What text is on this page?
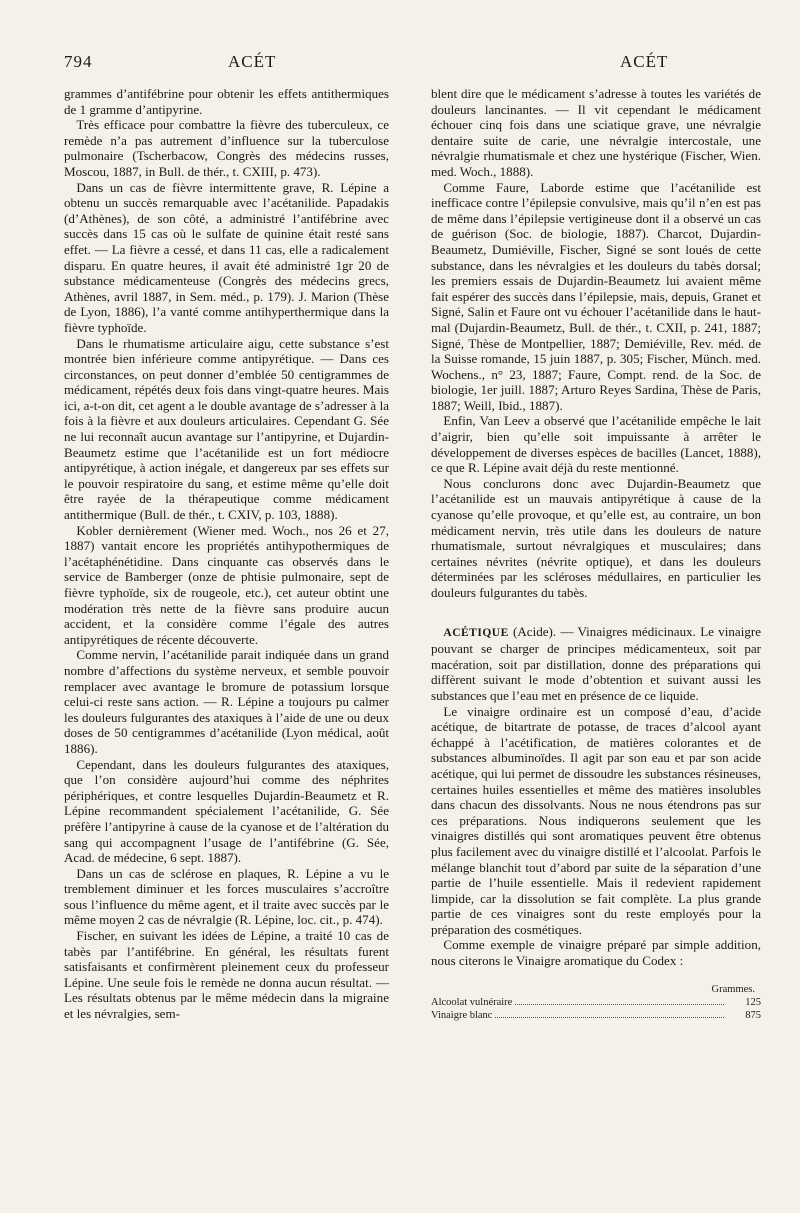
794	ACÉT	ACÉT

grammes d’antifébrine pour obtenir les effets antithermiques de 1 gramme d’antipyrine.

Très efficace pour combattre la fièvre des tuberculeux, ce remède n’a pas autrement d’influence sur la tuberculose pulmonaire (Tscherbacow, Congrès des médecins russes, Moscou, 1887, in Bull. de thér., t. CXIII, p. 473).

Dans un cas de fièvre intermittente grave, R. Lépine a obtenu un succès remarquable avec l’acétanilide. Papadakis (d’Athènes), de son côté, a administré l’antifébrine avec succès dans 15 cas où le sulfate de quinine était resté sans effet. — La fièvre a cessé, et dans 11 cas, elle a radicalement disparu. En quatre heures, il avait été administré 1gr 20 de substance médicamenteuse (Congrès des médecins grecs, Athènes, avril 1887, in Sem. méd., p. 179). J. Marion (Thèse de Lyon, 1886), l’a vanté comme antihyperthermique dans la fièvre typhoïde.

Dans le rhumatisme articulaire aigu, cette substance s’est montrée bien inférieure comme antipyrétique. — Dans ces circonstances, on peut donner d’emblée 50 centigrammes de médicament, répétés deux fois dans vingt-quatre heures. Mais ici, a-t-on dit, cet agent a le double avantage de s’adresser à la fois à la fièvre et aux douleurs articulaires. Cependant G. Sée ne lui reconnaît aucun avantage sur l’antipyrine, et Dujardin-Beaumetz estime que l’acétanilide est un fort médiocre antipyrétique, à action inégale, et dangereux par ses effets sur le pouvoir respiratoire du sang, et estime même qu’elle doit être rayée de la thérapeutique comme médicament antithermique (Bull. de thér., t. CXIV, p. 103, 1888).

Kobler dernièrement (Wiener med. Woch., nos 26 et 27, 1887) vantait encore les propriétés antihypothermiques de l’acétaphénétidine. Dans cinquante cas observés dans le service de Bamberger (onze de phtisie pulmonaire, sept de fièvre typhoïde, six de rougeole, etc.), cet auteur obtint une modération très nette de la fièvre sans produire aucun accident, et la considère comme l’égale des autres antipyrétiques de récente découverte.

Comme nervin, l’acétanilide parait indiquée dans un grand nombre d’affections du système nerveux, et semble pouvoir remplacer avec avantage le bromure de potassium lorsque celui-ci reste sans action. — R. Lépine a toujours pu calmer les douleurs fulgurantes des ataxiques à l’aide de une ou deux doses de 50 centigrammes d’acétanilide (Lyon médical, août 1886).

Cependant, dans les douleurs fulgurantes des ataxiques, que l’on considère aujourd’hui comme des néphrites périphériques, et contre lesquelles Dujardin-Beaumetz et R. Lépine recommandent spécialement l’acétanilide, G. Sée préfère l’antipyrine à cause de la cyanose et de l’altération du sang qui accompagnent l’usage de l’antifébrine (G. Sée, Acad. de médecine, 6 sept. 1887).

Dans un cas de sclérose en plaques, R. Lépine a vu le tremblement diminuer et les forces musculaires s’accroître sous l’influence du même agent, et il traite avec succès par le même moyen 2 cas de névralgie (R. Lépine, loc. cit., p. 474).

Fischer, en suivant les idées de Lépine, a traité 10 cas de tabès par l’antifébrine. En général, les résultats furent satisfaisants et confirmèrent pleinement ceux du professeur Lépine. Une seule fois le remède ne donna aucun résultat. — Les résultats obtenus par le même médecin dans la migraine et les névralgies, sem-

blent dire que le médicament s’adresse à toutes les variétés de douleurs lancinantes. — Il vit cependant le médicament échouer cinq fois dans une sciatique grave, une névralgie dentaire suite de carie, une névralgie intercostale, une névralgie rhumatismale et chez une hystérique (Fischer, Wien. med. Woch., 1888).

Comme Faure, Laborde estime que l’acétanilide est inefficace contre l’épilepsie convulsive, mais qu’il n’en est pas de même dans l’épilepsie vertigineuse dont il a observé un cas de guérison (Soc. de biologie, 1887). Charcot, Dujardin-Beaumetz, Dumiéville, Fischer, Signé se sont loués de cette substance, dans les névralgies et les douleurs du tabès dorsal; les premiers essais de Dujardin-Beaumetz lui avaient même fait espérer des succès dans l’épilepsie, mais, depuis, Granet et Signé, Salin et Faure ont vu échouer l’acétanilide dans le haut-mal (Dujardin-Beaumetz, Bull. de thér., t. CXII, p. 241, 1887; Signé, Thèse de Montpellier, 1887; Demiéville, Rev. méd. de la Suisse romande, 15 juin 1887, p. 305; Fischer, Münch. med. Wochens., n° 23, 1887; Faure, Compt. rend. de la Soc. de biologie, 1er juill. 1887; Arturo Reyes Sardina, Thèse de Paris, 1887; Weill, Ibid., 1887).

Enfin, Van Leev a observé que l’acétanilide empêche le lait d’aigrir, bien qu’elle soit impuissante à arrêter le développement de diverses espèces de bacilles (Lancet, 1888), ce que R. Lépine avait déjà du reste mentionné.

Nous conclurons donc avec Dujardin-Beaumetz que l’acétanilide est un mauvais antipyrétique à cause de la cyanose qu’elle provoque, et qu’elle est, au contraire, un bon médicament nervin, très utile dans les douleurs de nature rhumatismale, surtout névralgiques et musculaires; dans certaines névrites (névrite optique), et dans les douleurs déterminées par les scléroses médullaires, en particulier les douleurs fulgurantes du tabès.

ACÉTIQUE (Acide). — Vinaigres médicinaux. Le vinaigre pouvant se charger de principes médicamenteux, soit par macération, soit par distillation, donne des préparations qui diffèrent suivant le mode d’obtention et suivant aussi les substances que l’eau met en présence de ce liquide.

Le vinaigre ordinaire est un composé d’eau, d’acide acétique, de bitartrate de potasse, de traces d’alcool ayant échappé à l’acétification, de matières colorantes et de substances albuminoïdes. Il agit par son eau et par son acide acétique, qui lui permet de dissoudre les substances résineuses, certaines huiles essentielles et même des matières insolubles dans chacun des dissolvants. Nous ne nous étendrons pas sur ces préparations. Nous indiquerons seulement que les vinaigres distillés qui sont aromatiques peuvent être obtenus plus facilement avec du vinaigre distillé et l’alcoolat. Parfois le mélange blanchit tout d’abord par suite de la séparation d’une partie de l’huile essentielle. Mais il redevient rapidement limpide, car la dissolution se fait complète. La plus grande partie de ces vinaigres sont du reste employés pour la préparation des cosmétiques.

Comme exemple de vinaigre préparé par simple addition, nous citerons le Vinaigre aromatique du Codex :

Grammes.
Alcoolat vulnéraire	125
Vinaigre blanc	875
